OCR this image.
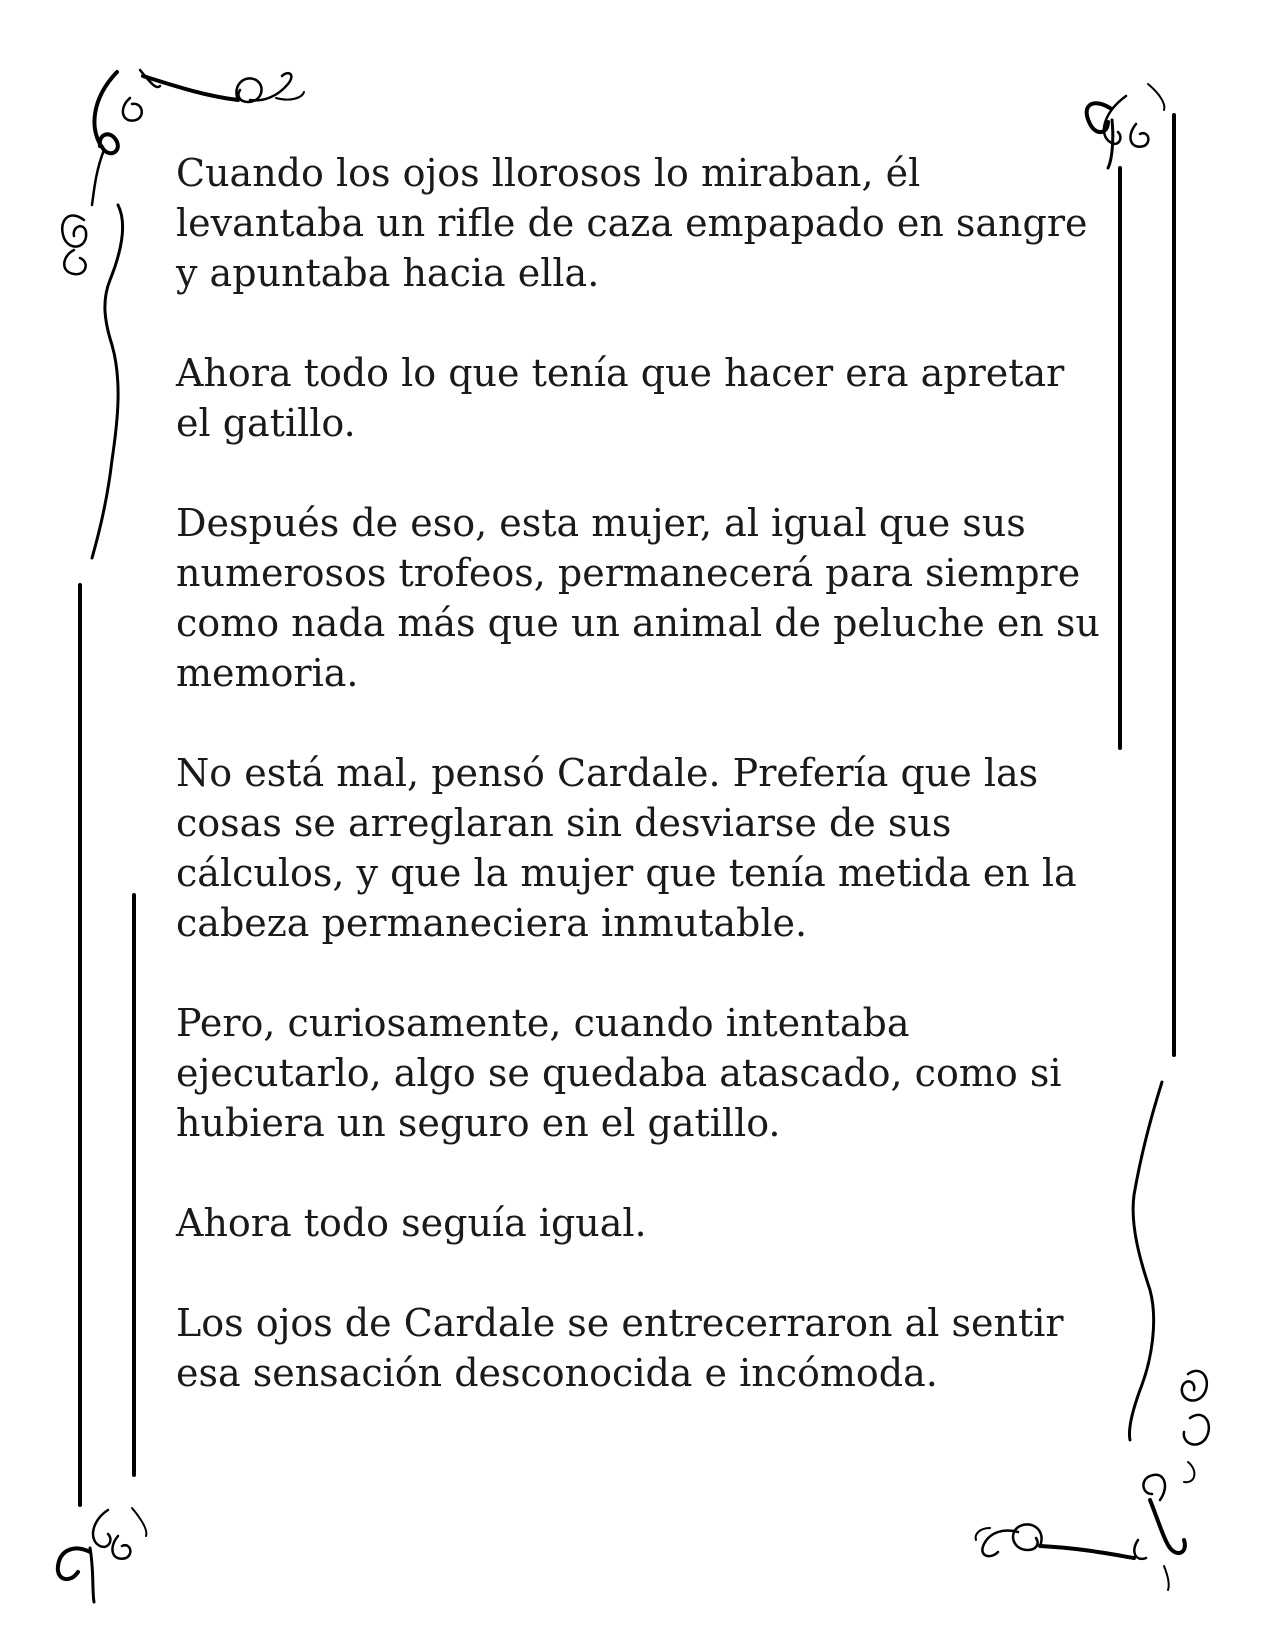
Cuando los ojos llorosos lo miraban, él
levantaba un rifle de caza empapado en sangre
y apuntaba hacia ella.

Ahora todo lo que tenía que hacer era apretar
el gatillo.

Después de eso, esta mujer, al igual que sus
numerosos trofeos, permanecerá para siempre
como nada más que un animal de peluche en su
memoria.

No está mal, pensó Cardale. Prefería que las
cosas se arreglaran sin desviarse de sus
cálculos, y que la mujer que tenía metida en la
cabeza permaneciera inmutable.

Pero, curiosamente, cuando intentaba
ejecutarlo, algo se quedaba atascado, como si
hubiera un seguro en el gatillo.

Ahora todo seguía igual.

Los ojos de Cardale se entrecerraron al sentir
esa sensación desconocida e incómoda.
